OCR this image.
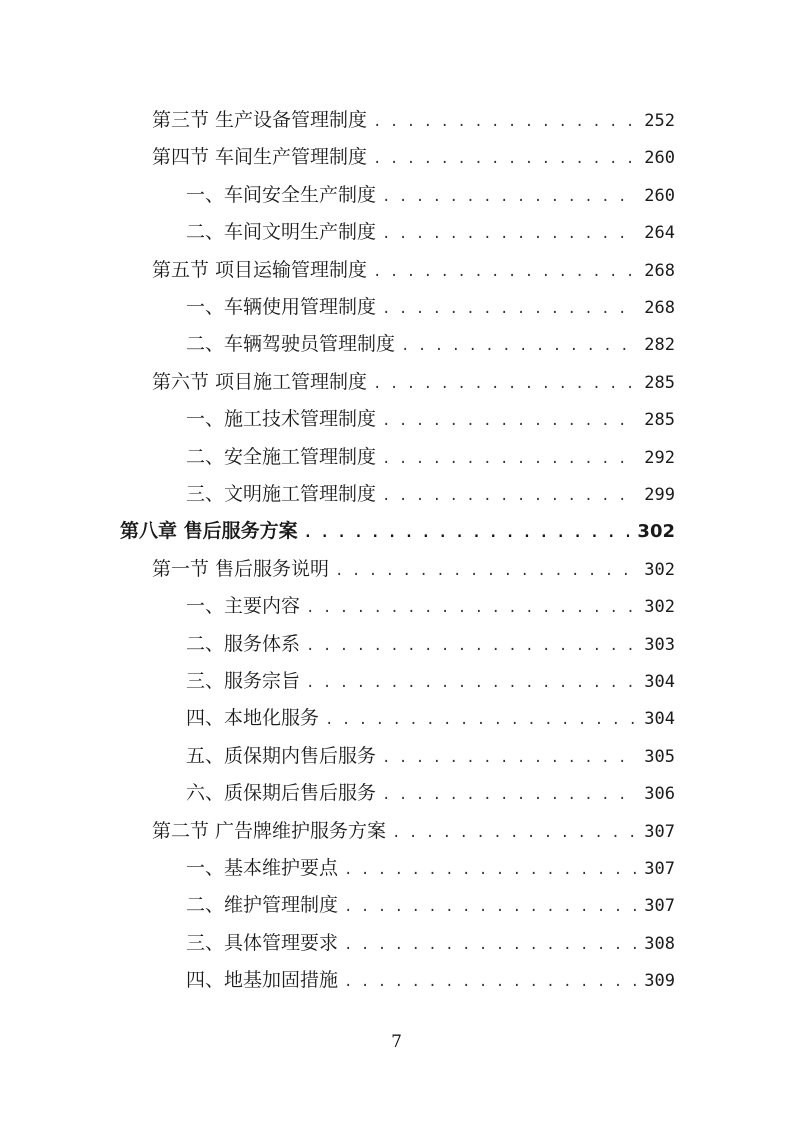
第三节 生产设备管理制度 . . .	252
第四节 车间生产管理制度 . . .	260
一、车间安全生产制度 . . .	260
二、车间文明生产制度 . . .	264
第五节 项目运输管理制度 . . .	268
一、车辆使用管理制度 . . .	268
二、车辆驾驶员管理制度 . . .	282
第六节 项目施工管理制度 . . .	285
一、施工技术管理制度 . . .	285
二、安全施工管理制度 . . .	292
三、文明施工管理制度 . . .	299
第八章 售后服务方案 . . .	302
第一节 售后服务说明 . . .	302
一、主要内容 . . .	302
二、服务体系 . . .	303
三、服务宗旨 . . .	304
四、本地化服务 . . .	304
五、质保期内售后服务 . . .	305
六、质保期后售后服务 . . .	306
第二节 广告牌维护服务方案 . . .	307
一、基本维护要点 . . .	307
二、维护管理制度 . . .	307
三、具体管理要求 . . .	308
四、地基加固措施 . . .	309
7
